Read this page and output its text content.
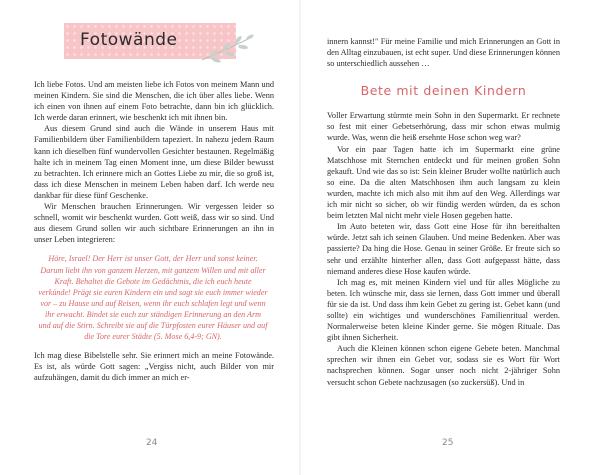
Fotowände

Ich liebe Fotos. Und am meisten liebe ich Fotos von meinem Mann und meinen Kindern. Sie sind die Menschen, die ich über alles liebe. Wenn ich einen von ihnen auf einem Foto betrachte, dann bin ich glücklich. Ich werde daran erinnert, wie beschenkt ich mit ihnen bin.

Aus diesem Grund sind auch die Wände in unserem Haus mit Familienbildern über Familienbildern tapeziert. In nahezu jedem Raum kann ich dieselben fünf wundervollen Gesichter bestaunen. Regelmäßig halte ich in meinem Tag einen Moment inne, um diese Bilder bewusst zu betrachten. Ich erinnere mich an Gottes Liebe zu mir, die so groß ist, dass ich diese Menschen in meinem Leben haben darf. Ich werde neu dankbar für diese fünf Geschenke.

Wir Menschen brauchen Erinnerungen. Wir vergessen leider so schnell, womit wir beschenkt wurden. Gott weiß, dass wir so sind. Und aus diesem Grund sollen wir auch sichtbare Erinnerungen an ihn in unser Leben integrieren:

Höre, Israel! Der Herr ist unser Gott, der Herr und sonst keiner. Darum liebt ihn von ganzem Herzen, mit ganzem Willen und mit aller Kraft. Behaltet die Gebote im Gedächtnis, die ich euch heute verkünde! Prägt sie euren Kindern ein und sagt sie euch immer wieder vor – zu Hause und auf Reisen, wenn ihr euch schlafen legt und wenn ihr erwacht. Bindet sie euch zur ständigen Erinnerung an den Arm und auf die Stirn. Schreibt sie auf die Türpfosten eurer Häuser und auf die Tore eurer Städte (5. Mose 6,4-9; GN).

Ich mag diese Bibelstelle sehr. Sie erinnert mich an meine Fotowände. Es ist, als würde Gott sagen: „Vergiss nicht, auch Bilder von mir aufzuhängen, damit du dich immer an mich er-

innern kannst!" Für meine Familie und mich Erinnerungen an Gott in den Alltag einzubauen, ist echt super. Und diese Erinnerungen können so unterschiedlich aussehen …

Bete mit deinen Kindern

Voller Erwartung stürmte mein Sohn in den Supermarkt. Er rechnete so fest mit einer Gebetserhörung, dass mir schon etwas mulmig wurde. Was, wenn die heiß ersehnte Hose schon weg war?

Vor ein paar Tagen hatte ich im Supermarkt eine grüne Matschhose mit Sternchen entdeckt und für meinen großen Sohn gekauft. Und wie das so ist: Sein kleiner Bruder wollte natürlich auch so eine. Da die alten Matschhosen ihm auch langsam zu klein wurden, machte ich mich also mit ihm auf den Weg. Allerdings war ich mir nicht so sicher, ob wir fündig werden würden, da es schon beim letzten Mal nicht mehr viele Hosen gegeben hatte.

Im Auto beteten wir, dass Gott eine Hose für ihn bereithalten würde. Jetzt sah ich seinen Glauben. Und meine Bedenken. Aber was passierte? Da hing die Hose. Genau in seiner Größe. Er freute sich so sehr und erzählte hinterher allen, dass Gott aufgepasst hätte, dass niemand anderes diese Hose kaufen würde.

Ich mag es, mit meinen Kindern viel und für alles Mögliche zu beten. Ich wünsche mir, dass sie lernen, dass Gott immer und überall für sie da ist. Und dass ihm kein Gebet zu gering ist. Gebet kann (und sollte) ein wichtiges und wunderschönes Familienritual werden. Normalerweise beten kleine Kinder gerne. Sie mögen Rituale. Das gibt ihnen Sicherheit.

Auch die Kleinen können schon eigene Gebete beten. Manchmal sprechen wir ihnen ein Gebet vor, sodass sie es Wort für Wort nachsprechen können. Sogar unser noch nicht 2-jähriger Sohn versucht schon Gebete nachzusagen (so zuckersüß). Und in

24	25
